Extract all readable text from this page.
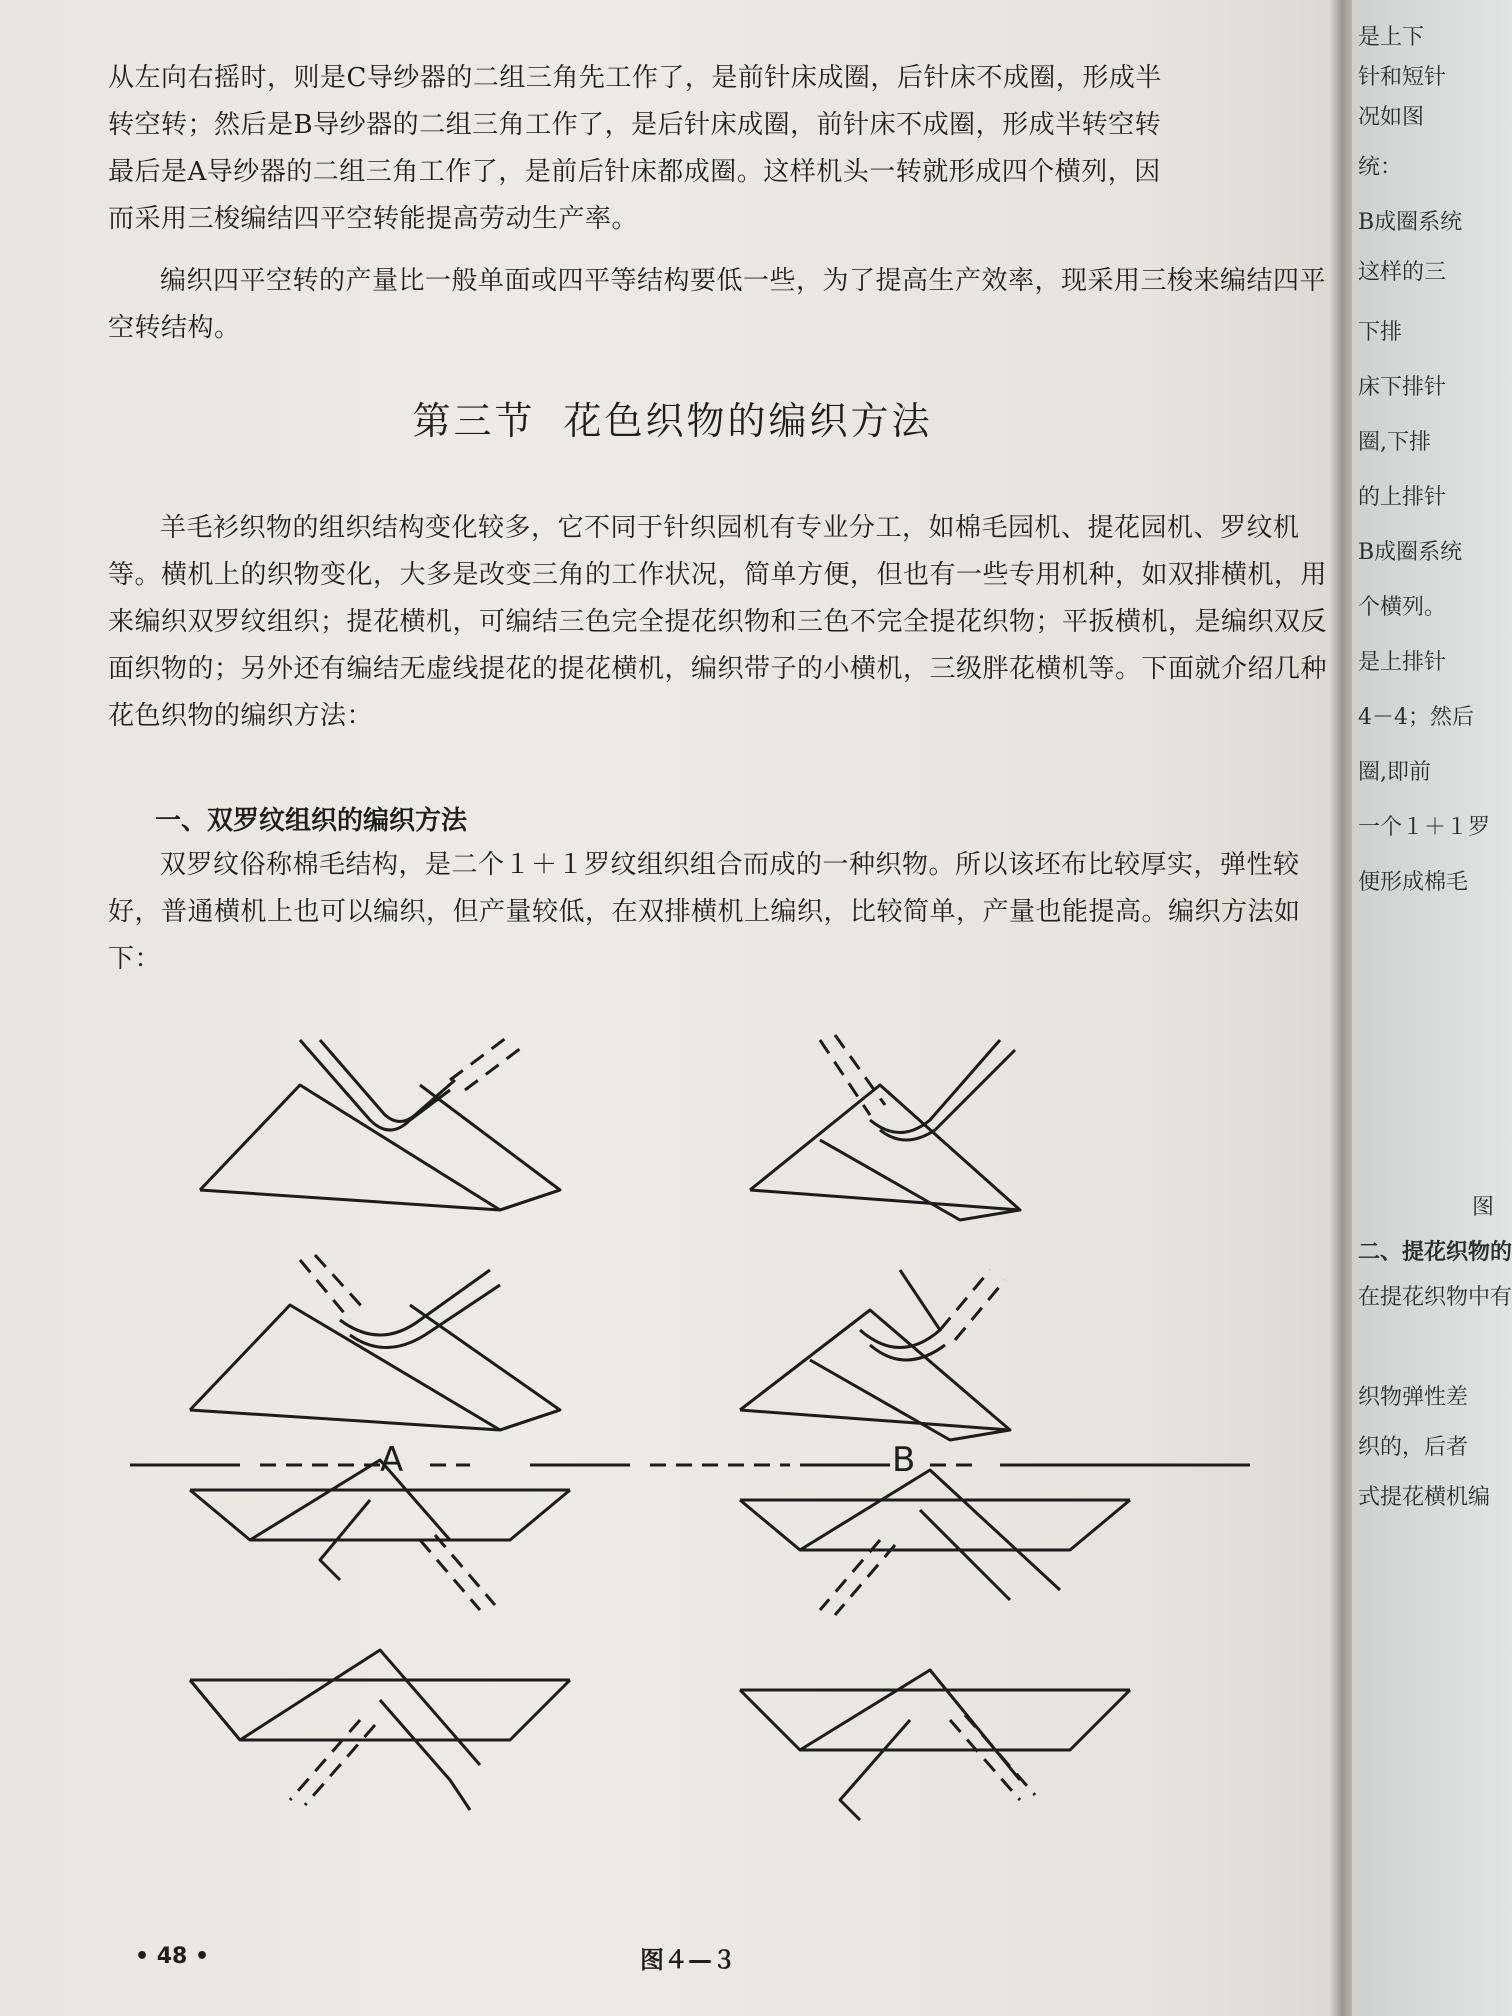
从左向右摇时，则是C导纱器的二组三角先工作了，是前针床成圈，后针床不成圈，形成半

转空转；然后是B导纱器的二组三角工作了，是后针床成圈，前针床不成圈，形成半转空转

最后是A导纱器的二组三角工作了，是前后针床都成圈。这样机头一转就形成四个横列，因

而采用三梭编结四平空转能提高劳动生产率。

编织四平空转的产量比一般单面或四平等结构要低一些，为了提高生产效率，现采用三梭来编结四平空转结构。

第三节 花色织物的编织方法

羊毛衫织物的组织结构变化较多，它不同于针织园机有专业分工，如棉毛园机、提花园机、罗纹机等。横机上的织物变化，大多是改变三角的工作状况，简单方便，但也有一些专用机种，如双排横机，用来编织双罗纹组织；提花横机，可编结三色完全提花织物和三色不完全提花织物；平扳横机，是编织双反面织物的；另外还有编结无虚线提花的提花横机，编织带子的小横机，三级胖花横机等。下面就介绍几种花色织物的编织方法：

一、双罗纹组织的编织方法

双罗纹俗称棉毛结构，是二个１＋１罗纹组织组合而成的一种织物。所以该坯布比较厚实，弹性较好，普通横机上也可以编织，但产量较低，在双排横机上编织，比较简单，产量也能提高。编织方法如下：

A	B
图４—３
• 48 •
是上下
针和短针
况如图
统：
B成圈系统
这样的三
下排
床下排针
圈,下排
的上排针
B成圈系统
个横列。
是上排针
4－4；然后
圈,即前
一个１＋１罗
便形成棉毛
图
二、提花织物的
在提花织物中有
织物弹性差
织的，后者
式提花横机编
